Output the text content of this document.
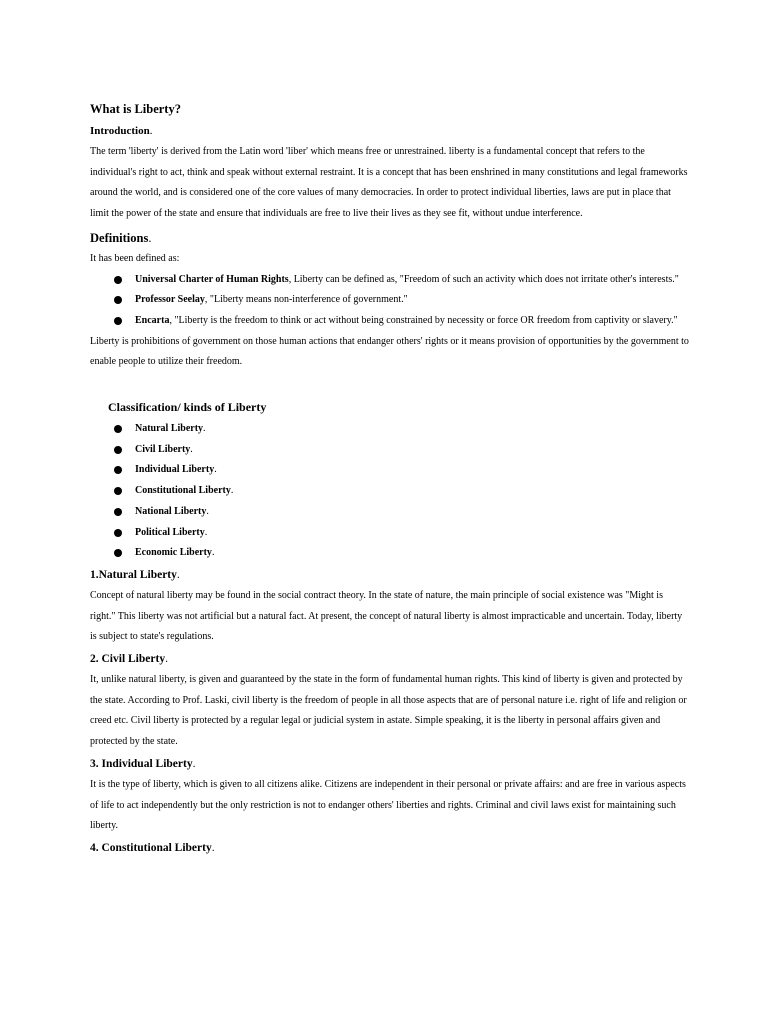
What is Liberty?

Introduction.

The term 'liberty' is derived from the Latin word 'liber' which means free or unrestrained. liberty is a fundamental concept that refers to the individual's right to act, think and speak without external restraint. It is a concept that has been enshrined in many constitutions and legal frameworks around the world, and is considered one of the core values of many democracies. In order to protect individual liberties, laws are put in place that limit the power of the state and ensure that individuals are free to live their lives as they see fit, without undue interference.

Definitions.

It has been defined as:

Universal Charter of Human Rights, Liberty can be defined as, "Freedom of such an activity which does not irritate other's interests."
Professor Seelay, "Liberty means non-interference of government."
Encarta, "Liberty is the freedom to think or act without being constrained by necessity or force OR freedom from captivity or slavery."

Liberty is prohibitions of government on those human actions that endanger others' rights or it means provision of opportunities by the government to enable people to utilize their freedom.

Classification/ kinds of Liberty

Natural Liberty.
Civil Liberty.
Individual Liberty.
Constitutional Liberty.
National Liberty.
Political Liberty.
Economic Liberty.

1.Natural Liberty.

Concept of natural liberty may be found in the social contract theory. In the state of nature, the main principle of social existence was "Might is right." This liberty was not artificial but a natural fact. At present, the concept of natural liberty is almost impracticable and uncertain. Today, liberty is subject to state's regulations.

2. Civil Liberty.

It, unlike natural liberty, is given and guaranteed by the state in the form of fundamental human rights. This kind of liberty is given and protected by the state. According to Prof. Laski, civil liberty is the freedom of people in all those aspects that are of personal nature i.e. right of life and religion or creed etc. Civil liberty is protected by a regular legal or judicial system in astate. Simple speaking, it is the liberty in personal affairs given and protected by the state.

3. Individual Liberty.

It is the type of liberty, which is given to all citizens alike. Citizens are independent in their personal or private affairs: and are free in various aspects of life to act independently but the only restriction is not to endanger others' liberties and rights. Criminal and civil laws exist for maintaining such liberty.

4. Constitutional Liberty.
